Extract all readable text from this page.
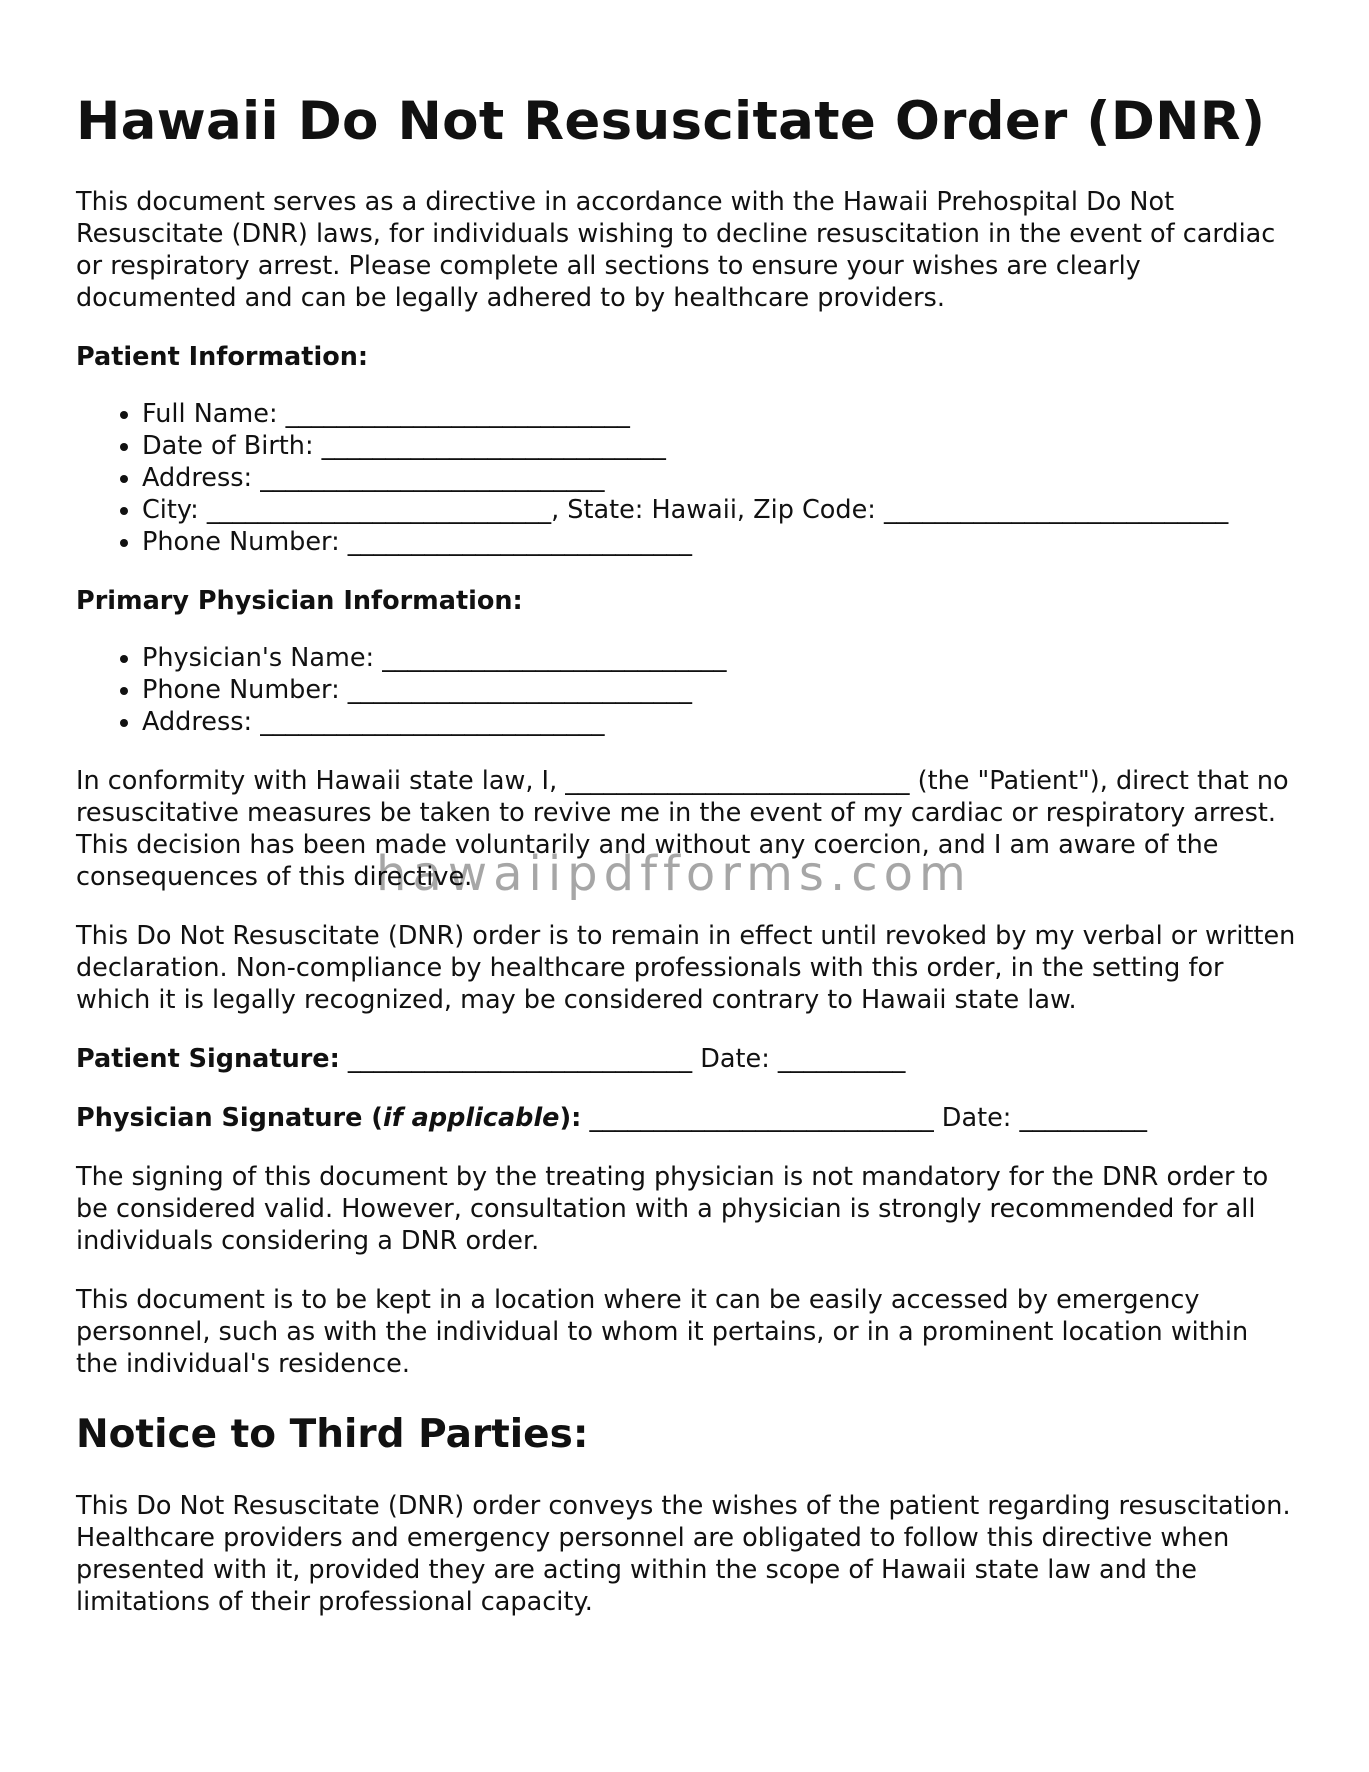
Hawaii Do Not Resuscitate Order (DNR)

This document serves as a directive in accordance with the Hawaii Prehospital Do Not Resuscitate (DNR) laws, for individuals wishing to decline resuscitation in the event of cardiac or respiratory arrest. Please complete all sections to ensure your wishes are clearly documented and can be legally adhered to by healthcare providers.

Patient Information:

• Full Name: ___________________________
• Date of Birth: ___________________________
• Address: ___________________________
• City: ___________________________, State: Hawaii, Zip Code: ___________________________
• Phone Number: ___________________________

Primary Physician Information:

• Physician's Name: ___________________________
• Phone Number: ___________________________
• Address: ___________________________

In conformity with Hawaii state law, I, ___________________________ (the "Patient"), direct that no resuscitative measures be taken to revive me in the event of my cardiac or respiratory arrest. This decision has been made voluntarily and without any coercion, and I am aware of the consequences of this directive.

This Do Not Resuscitate (DNR) order is to remain in effect until revoked by my verbal or written declaration. Non-compliance by healthcare professionals with this order, in the setting for which it is legally recognized, may be considered contrary to Hawaii state law.

Patient Signature: ___________________________ Date: __________

Physician Signature (if applicable): ___________________________ Date: __________

The signing of this document by the treating physician is not mandatory for the DNR order to be considered valid. However, consultation with a physician is strongly recommended for all individuals considering a DNR order.

This document is to be kept in a location where it can be easily accessed by emergency personnel, such as with the individual to whom it pertains, or in a prominent location within the individual's residence.

Notice to Third Parties:

This Do Not Resuscitate (DNR) order conveys the wishes of the patient regarding resuscitation. Healthcare providers and emergency personnel are obligated to follow this directive when presented with it, provided they are acting within the scope of Hawaii state law and the limitations of their professional capacity.

hawaiipdfforms.com
